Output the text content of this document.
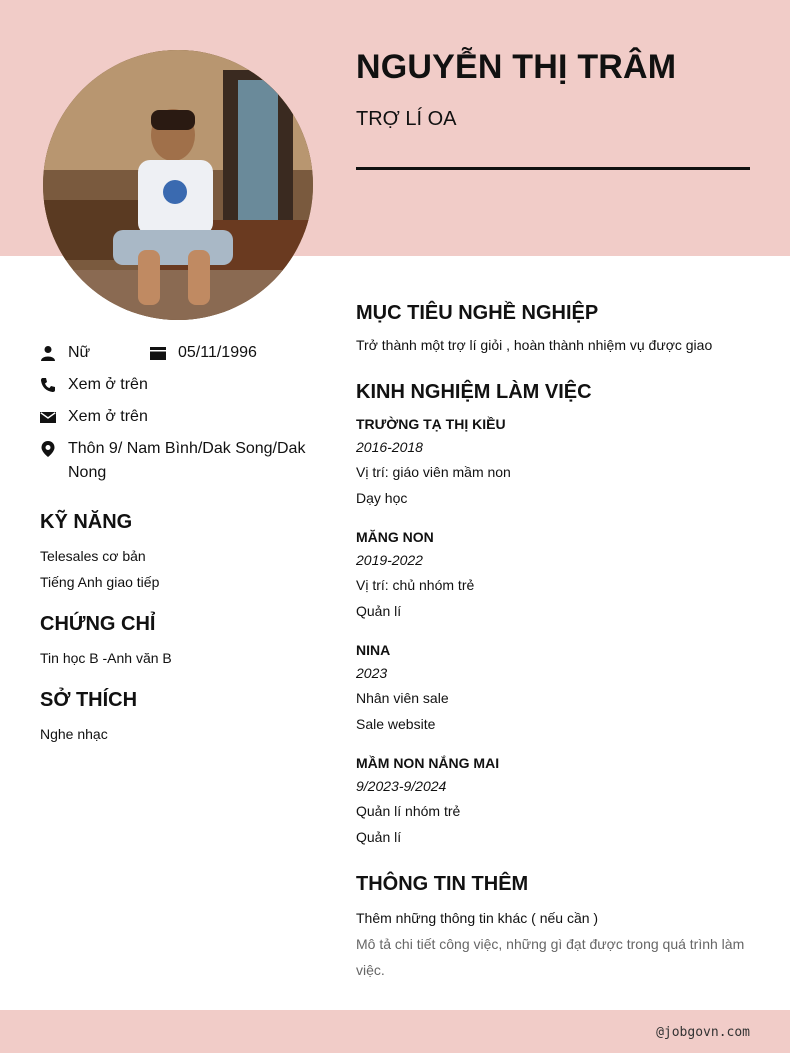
NGUYỄN THỊ TRÂM
TRỢ LÍ OA
Nữ	05/11/1996
Xem ở trên
Xem ở trên
Thôn 9/ Nam Bình/Dak Song/Dak Nong
KỸ NĂNG
Telesales cơ bản
Tiếng Anh giao tiếp
CHỨNG CHỈ
Tin học B -Anh văn B
SỞ THÍCH
Nghe nhạc
MỤC TIÊU NGHỀ NGHIỆP
Trở thành một trợ lí giỏi , hoàn thành nhiệm vụ được giao
KINH NGHIỆM LÀM VIỆC
TRƯỜNG TẠ THỊ KIỀU
2016-2018
Vị trí: giáo viên mầm non
Dạy học
MĂNG NON
2019-2022
Vị trí: chủ nhóm trẻ
Quản lí
NINA
2023
Nhân viên sale
Sale website
MẦM NON NẮNG MAI
9/2023-9/2024
Quản lí nhóm trẻ
Quản lí
THÔNG TIN THÊM
Thêm những thông tin khác ( nếu cần )
Mô tả chi tiết công việc, những gì đạt được trong quá trình làm việc.
@jobgovn.com
